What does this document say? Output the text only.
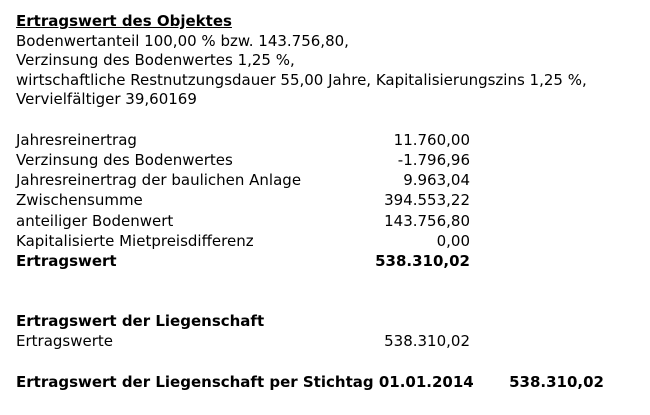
Ertragswert des Objektes
Bodenwertanteil 100,00 % bzw. 143.756,80,
Verzinsung des Bodenwertes 1,25 %,
wirtschaftliche Restnutzungsdauer 55,00 Jahre, Kapitalisierungszins 1,25 %,
Vervielfältiger 39,60169
Jahresreinertrag	11.760,00
Verzinsung des Bodenwertes	-1.796,96
Jahresreinertrag der baulichen Anlage	9.963,04
Zwischensumme	394.553,22
anteiliger Bodenwert	143.756,80
Kapitalisierte Mietpreisdifferenz	0,00
Ertragswert	538.310,02
Ertragswert der Liegenschaft
Ertragswerte	538.310,02
Ertragswert der Liegenschaft per Stichtag 01.01.2014 538.310,02
